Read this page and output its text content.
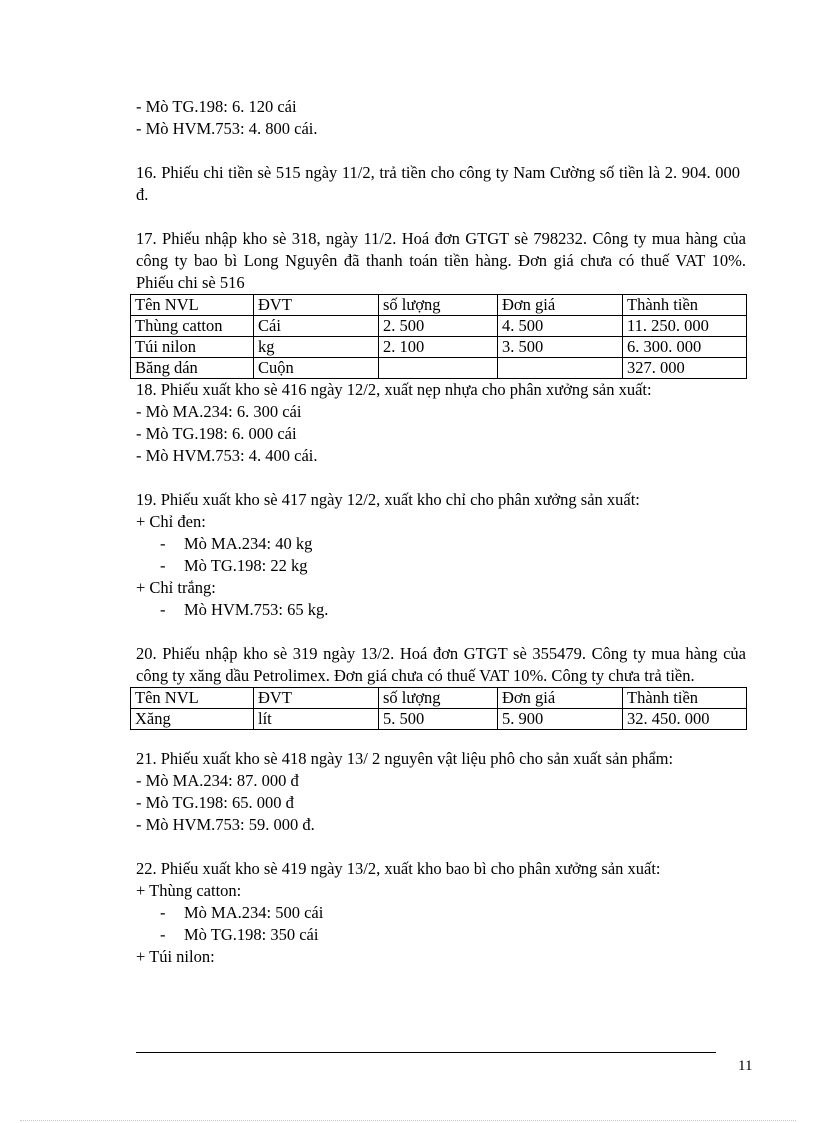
- Mò TG.198: 6. 120 cái
- Mò HVM.753: 4. 800 cái.
16. Phiếu chi tiền sè 515 ngày 11/2, trả tiền cho công ty Nam Cường số tiền là 2. 904. 000 đ.
17. Phiếu nhập kho sè 318, ngày 11/2. Hoá đơn GTGT sè 798232. Công ty mua hàng của công ty bao bì Long Nguyên đã thanh toán tiền hàng. Đơn giá chưa có thuế VAT 10%. Phiếu chi sè 516
Tên NVL	ĐVT	số lượng	Đơn giá	Thành tiền
Thùng catton	Cái	2. 500	4. 500	11. 250. 000
Túi nilon	kg	2. 100	3. 500	6. 300. 000
Băng dán	Cuộn			327. 000
18. Phiếu xuất kho sè 416 ngày 12/2, xuất nẹp nhựa cho phân xưởng sản xuất:
- Mò MA.234: 6. 300 cái
- Mò TG.198: 6. 000 cái
- Mò HVM.753: 4. 400 cái.
19. Phiếu xuất kho sè 417 ngày 12/2, xuất kho chỉ cho phân xưởng sản xuất:
+ Chỉ đen:
- Mò MA.234: 40 kg
- Mò TG.198: 22 kg
+ Chỉ trắng:
- Mò HVM.753: 65 kg.
20. Phiếu nhập kho sè 319 ngày 13/2. Hoá đơn GTGT sè 355479. Công ty mua hàng của công ty xăng dầu Petrolimex. Đơn giá chưa có thuế VAT 10%. Công ty chưa trả tiền.
Tên NVL	ĐVT	số lượng	Đơn giá	Thành tiền
Xăng	lít	5. 500	5. 900	32. 450. 000
21. Phiếu xuất kho sè 418 ngày 13/ 2 nguyên vật liệu phô cho sản xuất sản phẩm:
- Mò MA.234: 87. 000 đ
- Mò TG.198: 65. 000 đ
- Mò HVM.753: 59. 000 đ.
22. Phiếu xuất kho sè 419 ngày 13/2, xuất kho bao bì cho phân xưởng sản xuất:
+ Thùng catton:
- Mò MA.234: 500 cái
- Mò TG.198: 350 cái
+ Túi nilon:
11
